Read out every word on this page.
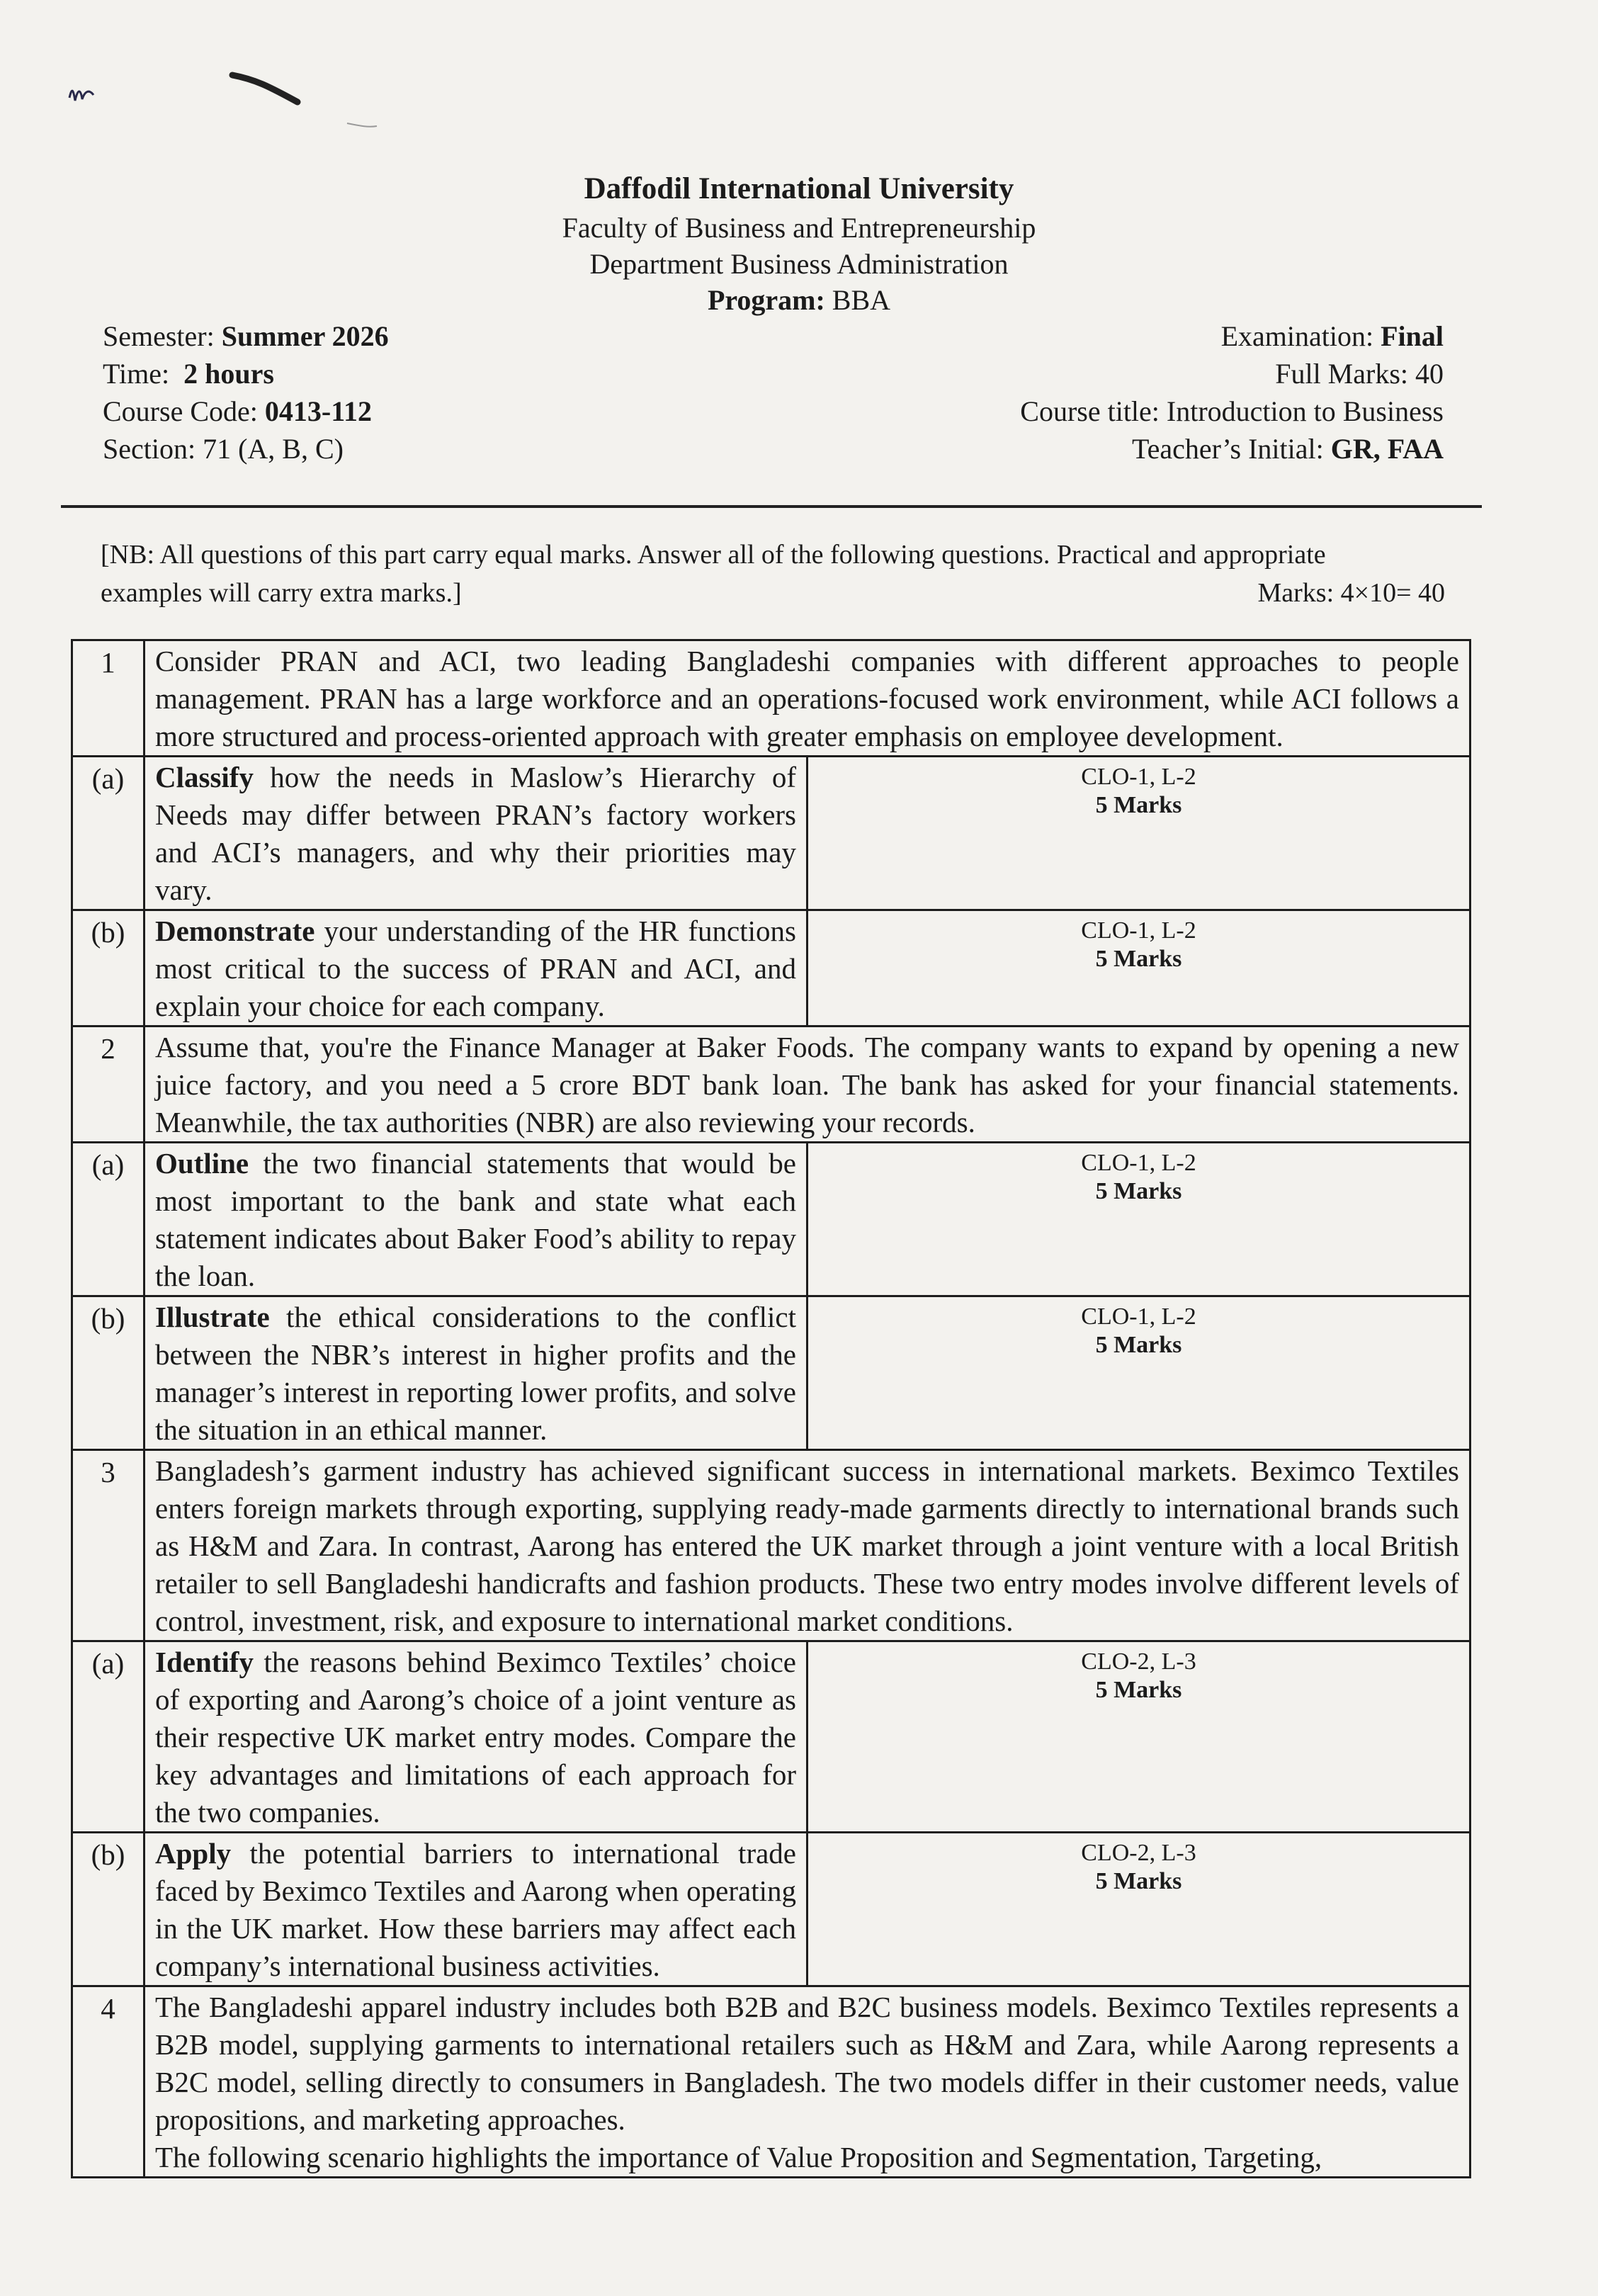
Daffodil International University
Faculty of Business and Entrepreneurship
Department Business Administration
Program: BBA
Semester: Summer 2026
Time: 2 hours
Course Code: 0413-112
Section: 71 (A, B, C)
Examination: Final
Full Marks: 40
Course title: Introduction to Business
Teacher’s Initial: GR, FAA
[NB: All questions of this part carry equal marks. Answer all of the following questions. Practical and appropriate
examples will carry extra marks.]	Marks: 4×10= 40
1	Consider PRAN and ACI, two leading Bangladeshi companies with different approaches to people management. PRAN has a large workforce and an operations-focused work environment, while ACI follows a more structured and process-oriented approach with greater emphasis on employee development.	
(a)	Classify how the needs in Maslow’s Hierarchy of Needs may differ between PRAN’s factory workers and ACI’s managers, and why their priorities may vary.	CLO-1, L-2
5 Marks

(b)	Demonstrate your understanding of the HR functions most critical to the success of PRAN and ACI, and explain your choice for each company.	CLO-1, L-2
5 Marks

2	Assume that, you're the Finance Manager at Baker Foods. The company wants to expand by opening a new juice factory, and you need a 5 crore BDT bank loan. The bank has asked for your financial statements. Meanwhile, the tax authorities (NBR) are also reviewing your records.	
(a)	Outline the two financial statements that would be most important to the bank and state what each statement indicates about Baker Food’s ability to repay the loan.	CLO-1, L-2
5 Marks

(b)	Illustrate the ethical considerations to the conflict between the NBR’s interest in higher profits and the manager’s interest in reporting lower profits, and solve the situation in an ethical manner.	CLO-1, L-2
5 Marks

3	Bangladesh’s garment industry has achieved significant success in international markets. Beximco Textiles enters foreign markets through exporting, supplying ready-made garments directly to international brands such as H&M and Zara. In contrast, Aarong has entered the UK market through a joint venture with a local British retailer to sell Bangladeshi handicrafts and fashion products. These two entry modes involve different levels of control, investment, risk, and exposure to international market conditions.	
(a)	Identify the reasons behind Beximco Textiles’ choice of exporting and Aarong’s choice of a joint venture as their respective UK market entry modes. Compare the key advantages and limitations of each approach for the two companies.	CLO-2, L-3
5 Marks

(b)	Apply the potential barriers to international trade faced by Beximco Textiles and Aarong when operating in the UK market. How these barriers may affect each company’s international business activities.	CLO-2, L-3
5 Marks

4	The Bangladeshi apparel industry includes both B2B and B2C business models. Beximco Textiles represents a B2B model, supplying garments to international retailers such as H&M and Zara, while Aarong represents a B2C model, selling directly to consumers in Bangladesh. The two models differ in their customer needs, value propositions, and marketing approaches.
The following scenario highlights the importance of Value Proposition and Segmentation, Targeting,	
